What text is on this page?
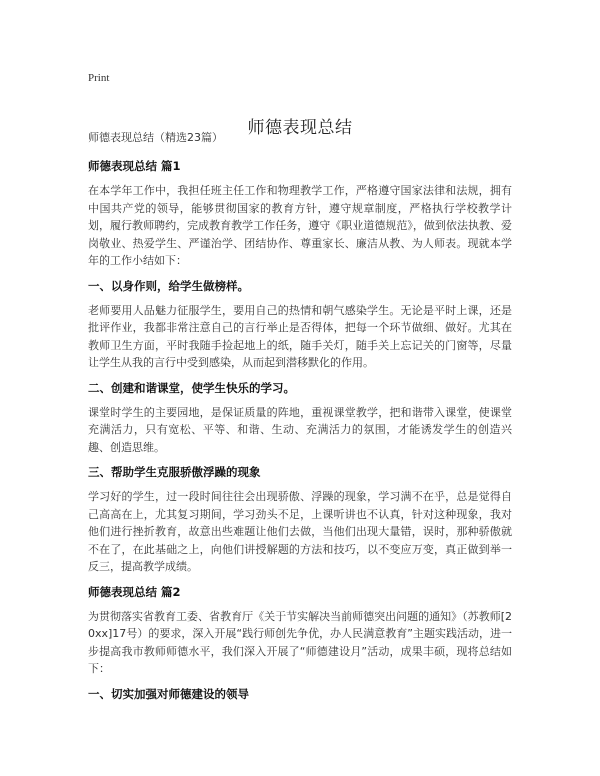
Print
师德表现总结

师德表现总结（精选23篇）

师德表现总结 篇1

在本学年工作中，我担任班主任工作和物理教学工作，严格遵守国家法律和法规，拥有中国共产党的领导，能够贯彻国家的教育方针，遵守规章制度，严格执行学校教学计划，履行教师聘约，完成教育教学工作任务，遵守《职业道德规范》，做到依法执教、爱岗敬业、热爱学生、严谨治学、团结协作、尊重家长、廉洁从教、为人师表。现就本学年的工作小结如下：

一、以身作则，给学生做榜样。

老师要用人品魅力征服学生，要用自己的热情和朝气感染学生。无论是平时上课，还是批评作业，我都非常注意自己的言行举止是否得体，把每一个环节做细、做好。尤其在教师卫生方面，平时我随手捡起地上的纸，随手关灯，随手关上忘记关的门窗等，尽量让学生从我的言行中受到感染，从而起到潜移默化的作用。

二、创建和谐课堂，使学生快乐的学习。

课堂时学生的主要园地，是保证质量的阵地，重视课堂教学，把和谐带入课堂，使课堂充满活力，只有宽松、平等、和谐、生动、充满活力的氛围，才能诱发学生的创造兴趣、创造思维。

三、帮助学生克服骄傲浮躁的现象

学习好的学生，过一段时间往往会出现骄傲、浮躁的现象，学习满不在乎，总是觉得自己高高在上，尤其复习期间，学习劲头不足，上课听讲也不认真，针对这种现象，我对他们进行挫折教育，故意出些难题让他们去做，当他们出现大量错，误时，那种骄傲就不在了，在此基础之上，向他们讲授解题的方法和技巧，以不变应万变，真正做到举一反三，提高教学成绩。

师德表现总结 篇2

为贯彻落实省教育工委、省教育厅《关于节实解决当前师德突出问题的通知》（苏教师[20xx]17号）的要求，深入开展“践行师创先争优，办人民满意教育”主题实践活动，进一步提高我市教师师德水平，我们深入开展了“师德建设月”活动，成果丰硕，现将总结如下：

一、切实加强对师德建设的领导
